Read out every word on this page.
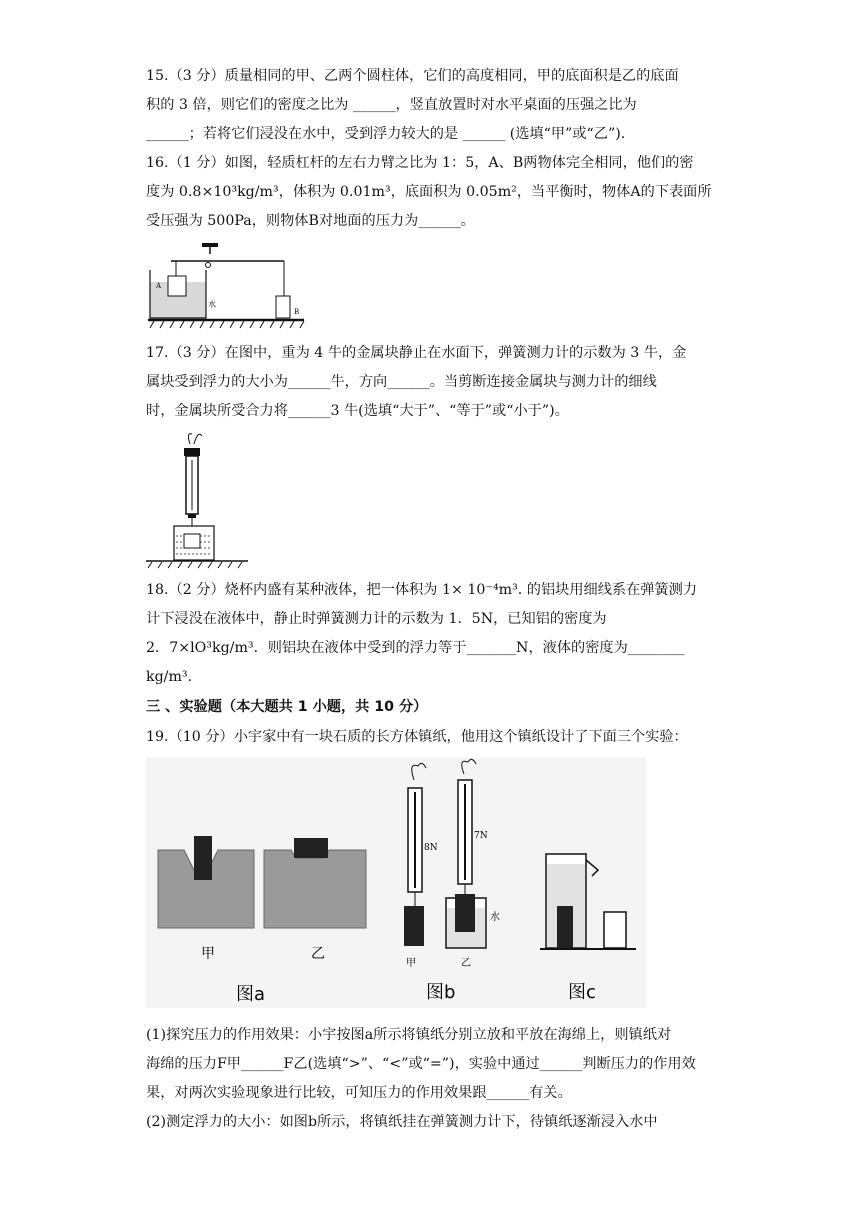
15.（3 分）质量相同的甲、乙两个圆柱体，它们的高度相同，甲的底面积是乙的底面
积的 3 倍，则它们的密度之比为 ______，竖直放置时对水平桌面的压强之比为
______；若将它们浸没在水中，受到浮力较大的是 ______ (选填“甲”或“乙”).
16.（1 分）如图，轻质杠杆的左右力臂之比为 1：5，A、B两物体完全相同，他们的密
度为 0.8×10³kg/m³，体积为 0.01m³，底面积为 0.05m²，当平衡时，物体A的下表面所
受压强为 500Pa，则物体B对地面的压力为______。
A
水
B
17.（3 分）在图中，重为 4 牛的金属块静止在水面下，弹簧测力计的示数为 3 牛，金
属块受到浮力的大小为______牛，方向______。当剪断连接金属块与测力计的细线
时，金属块所受合力将______3 牛(选填“大于”、“等于”或“小于”)。
18.（2 分）烧杯内盛有某种液体，把一体积为 1× 10⁻⁴m³. 的铝块用细线系在弹簧测力
计下浸没在液体中，静止时弹簧测力计的示数为 1．5N，已知铝的密度为
2．7×lO³kg/m³．则铝块在液体中受到的浮力等于_______N，液体的密度为________
kg/m³.
三 、实验题（本大题共 1 小题，共 10 分）
19.（10 分）小宇家中有一块石质的长方体镇纸，他用这个镇纸设计了下面三个实验：
甲	乙
图a
8N
甲
7N
水
乙
图b	图c
(1)探究压力的作用效果：小宇按图a所示将镇纸分别立放和平放在海绵上，则镇纸对
海绵的压力F甲______F乙(选填“>”、“<”或“=”)，实验中通过______判断压力的作用效
果，对两次实验现象进行比较，可知压力的作用效果跟______有关。
(2)测定浮力的大小：如图b所示，将镇纸挂在弹簧测力计下，待镇纸逐渐浸入水中
